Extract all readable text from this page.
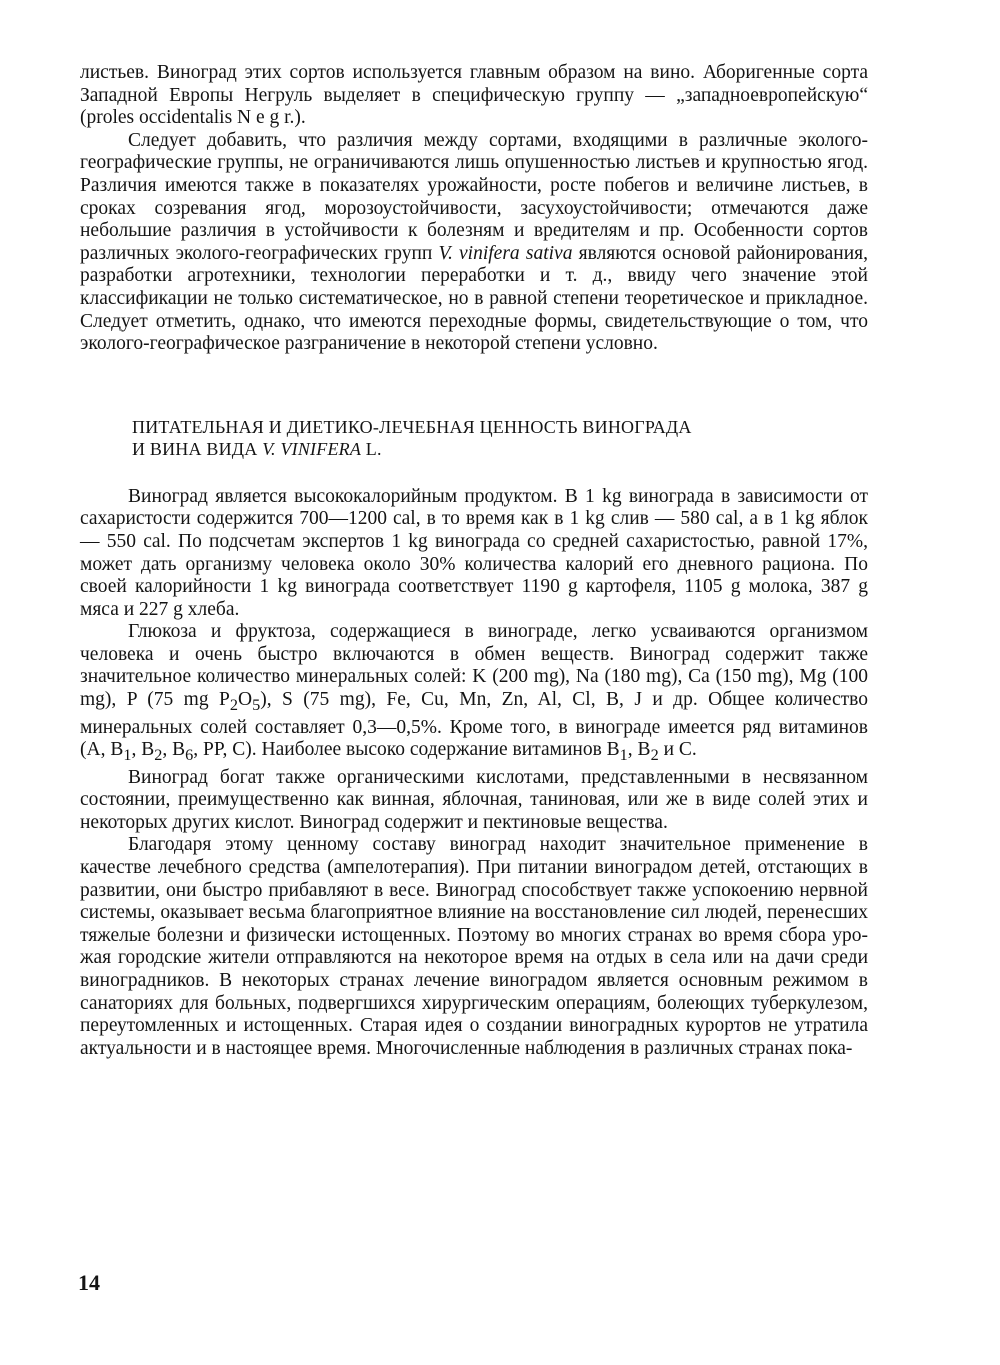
листьев. Виноград этих сортов используется главным образом на вино. Аборигенные сорта Западной Европы Негруль выделяет в специфическую группу — „западноевропейскую“ (proles occidentalis N e g r.).

Следует добавить, что различия между сортами, входящими в различные эколого-географические группы, не ограничиваются лишь опушенностью листьев и крупностью ягод. Различия имеются также в показателях урожайности, росте побегов и величине листьев, в сроках созревания ягод, морозоустойчивости, засухоустойчивости; отмечаются даже небольшие различия в устойчивости к болезням и вредителям и пр. Особенности сортов различных эколого-географических групп V. vinifera sativa являются основой районирования, разработки агротехники, технологии переработки и т. д., ввиду чего значение этой классификации не только систематическое, но в равной степени теоретическое и прикладное. Следует отметить, однако, что имеются переходные формы, свидетельствующие о том, что эколого-географическое разграничение в некоторой степени условно.

ПИТАТЕЛЬНАЯ И ДИЕТИКО-ЛЕЧЕБНАЯ ЦЕННОСТЬ ВИНОГРАДА
И ВИНА ВИДА V. VINIFERA L.

Виноград является высококалорийным продуктом. В 1 kg винограда в зависимости от сахаристости содержится 700—1200 cal, в то время как в 1 kg слив — 580 cal, а в 1 kg яблок — 550 cal. По подсчетам экспертов 1 kg винограда со средней сахаристостью, равной 17%, может дать организму человека около 30% количества калорий его дневного рациона. По своей калорийности 1 kg винограда соответствует 1190 g картофеля, 1105 g молока, 387 g мяса и 227 g хлеба.

Глюкоза и фруктоза, содержащиеся в винограде, легко усваиваются организмом человека и очень быстро включаются в обмен веществ. Виноград содержит также значительное количество минеральных солей: K (200 mg), Na (180 mg), Ca (150 mg), Mg (100 mg), P (75 mg $P_2O_5$), S (75 mg), Fe, Cu, Mn, Zn, Al, Cl, B, J и др. Общее количество минеральных солей составляет 0,3—0,5%. Кроме того, в винограде имеется ряд витаминов (A, $B_1$, $B_2$, $B_6$, PP, C). Наиболее высоко содержание витаминов $B_1$, $B_2$ и C.

Виноград богат также органическими кислотами, представленными в несвязанном состоянии, преимущественно как винная, яблочная, таниновая, или же в виде солей этих и некоторых других кислот. Виноград содержит и пектиновые вещества.

Благодаря этому ценному составу виноград находит значительное применение в качестве лечебного средства (ампелотерапия). При питании виноградом детей, отстающих в развитии, они быстро прибавляют в весе. Виноград способствует также успокоению нервной системы, оказывает весьма благоприятное влияние на восстановление сил людей, перенесших тяжелые болезни и физически истощенных. Поэтому во многих странах во время сбора урожая городские жители отправляются на некоторое время на отдых в села или на дачи среди виноградников. В некоторых странах лечение виноградом является основным режимом в санаториях для больных, подвергшихся хирургическим операциям, болеющих туберкулезом, переутомленных и истощенных. Старая идея о создании виноградных курортов не утратила актуальности и в настоящее время. Многочисленные наблюдения в различных странах пока-

14
